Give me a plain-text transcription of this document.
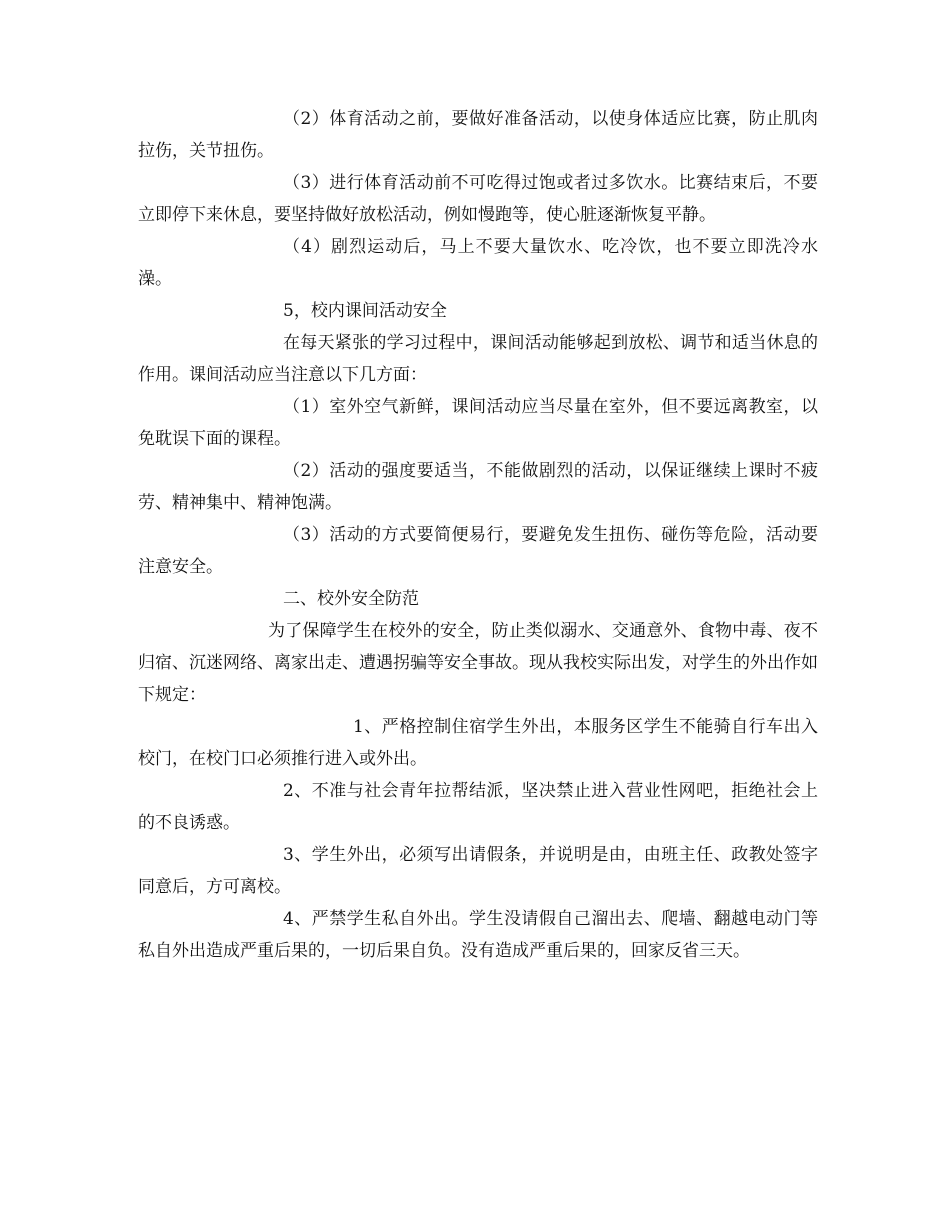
（2）体育活动之前，要做好准备活动，以使身体适应比赛，防止肌肉拉伤，关节扭伤。

（3）进行体育活动前不可吃得过饱或者过多饮水。比赛结束后，不要立即停下来休息，要坚持做好放松活动，例如慢跑等，使心脏逐渐恢复平静。

（4）剧烈运动后，马上不要大量饮水、吃冷饮，也不要立即洗冷水澡。

5，校内课间活动安全

在每天紧张的学习过程中，课间活动能够起到放松、调节和适当休息的作用。课间活动应当注意以下几方面：

（1）室外空气新鲜，课间活动应当尽量在室外，但不要远离教室，以免耽误下面的课程。

（2）活动的强度要适当，不能做剧烈的活动，以保证继续上课时不疲劳、精神集中、精神饱满。

（3）活动的方式要简便易行，要避免发生扭伤、碰伤等危险，活动要注意安全。

二、校外安全防范

为了保障学生在校外的安全，防止类似溺水、交通意外、食物中毒、夜不归宿、沉迷网络、离家出走、遭遇拐骗等安全事故。现从我校实际出发，对学生的外出作如下规定：

1、严格控制住宿学生外出，本服务区学生不能骑自行车出入校门，在校门口必须推行进入或外出。

2、不准与社会青年拉帮结派，坚决禁止进入营业性网吧，拒绝社会上的不良诱惑。

3、学生外出，必须写出请假条，并说明是由，由班主任、政教处签字同意后，方可离校。

4、严禁学生私自外出。学生没请假自己溜出去、爬墙、翻越电动门等私自外出造成严重后果的，一切后果自负。没有造成严重后果的，回家反省三天。
